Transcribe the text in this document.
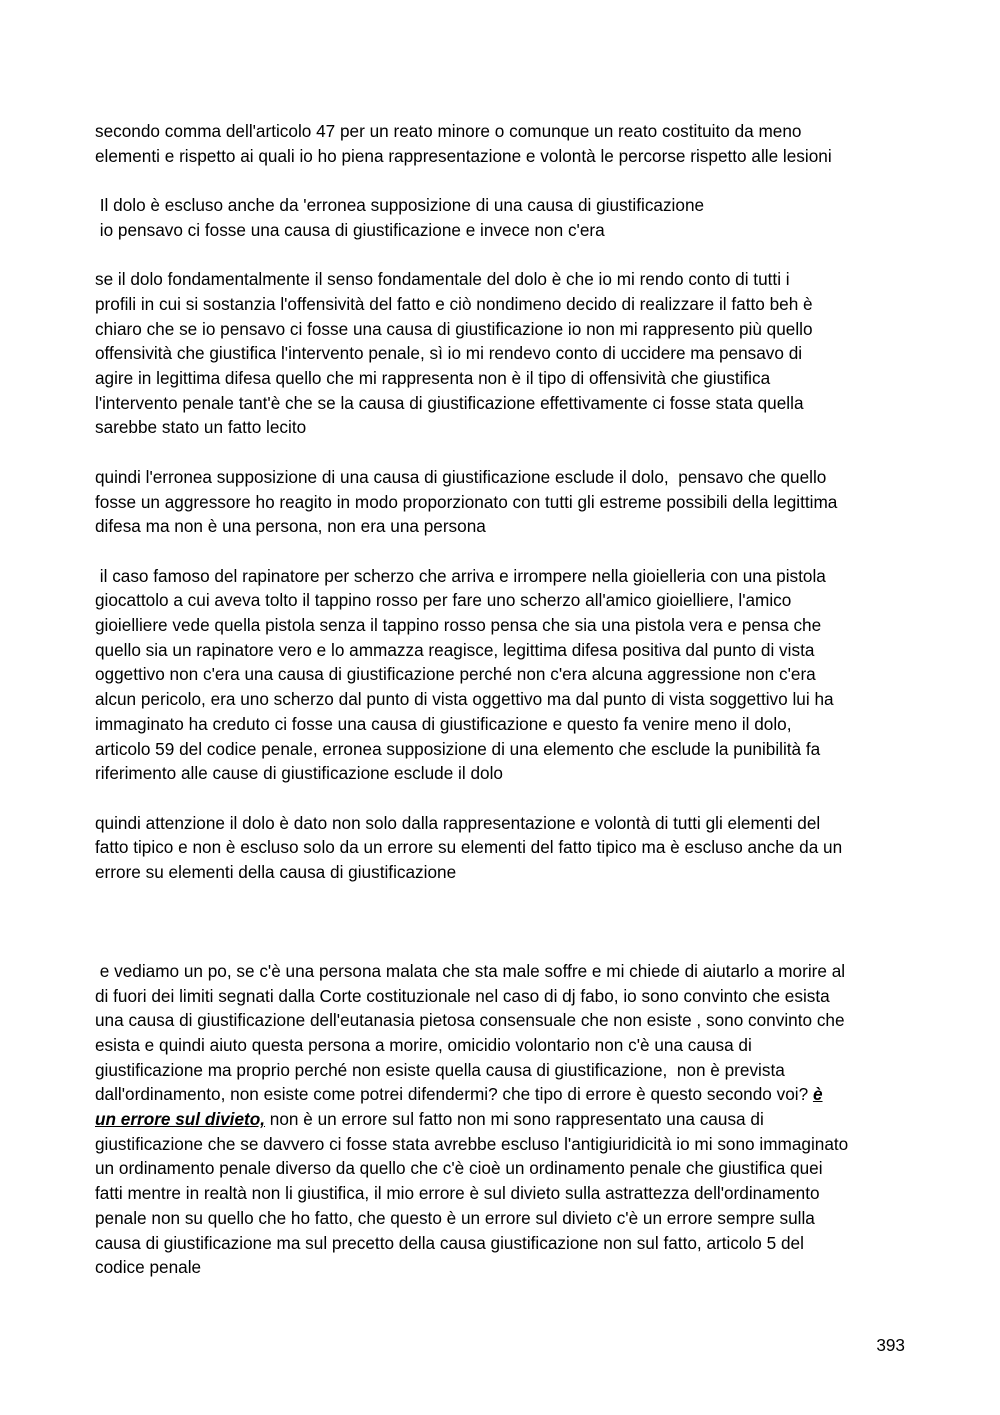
secondo comma dell'articolo 47 per un reato minore o comunque un reato costituito da meno
elementi e rispetto ai quali io ho piena rappresentazione e volontà le percorse rispetto alle lesioni

Il dolo è escluso anche da 'erronea supposizione di una causa di giustificazione
io pensavo ci fosse una causa di giustificazione e invece non c'era

se il dolo fondamentalmente il senso fondamentale del dolo è che io mi rendo conto di tutti i
profili in cui si sostanzia l'offensività del fatto e ciò nondimeno decido di realizzare il fatto beh è
chiaro che se io pensavo ci fosse una causa di giustificazione io non mi rappresento più quello
offensività che giustifica l'intervento penale, sì io mi rendevo conto di uccidere ma pensavo di
agire in legittima difesa quello che mi rappresenta non è il tipo di offensività che giustifica
l'intervento penale tant'è che se la causa di giustificazione effettivamente ci fosse stata quella
sarebbe stato un fatto lecito

quindi l'erronea supposizione di una causa di giustificazione esclude il dolo,  pensavo che quello
fosse un aggressore ho reagito in modo proporzionato con tutti gli estreme possibili della legittima
difesa ma non è una persona, non era una persona

il caso famoso del rapinatore per scherzo che arriva e irrompere nella gioielleria con una pistola
giocattolo a cui aveva tolto il tappino rosso per fare uno scherzo all'amico gioielliere, l'amico
gioielliere vede quella pistola senza il tappino rosso pensa che sia una pistola vera e pensa che
quello sia un rapinatore vero e lo ammazza reagisce, legittima difesa positiva dal punto di vista
oggettivo non c'era una causa di giustificazione perché non c'era alcuna aggressione non c'era
alcun pericolo, era uno scherzo dal punto di vista oggettivo ma dal punto di vista soggettivo lui ha
immaginato ha creduto ci fosse una causa di giustificazione e questo fa venire meno il dolo,
articolo 59 del codice penale, erronea supposizione di una elemento che esclude la punibilità fa
riferimento alle cause di giustificazione esclude il dolo

quindi attenzione il dolo è dato non solo dalla rappresentazione e volontà di tutti gli elementi del
fatto tipico e non è escluso solo da un errore su elementi del fatto tipico ma è escluso anche da un
errore su elementi della causa di giustificazione

e vediamo un po, se c'è una persona malata che sta male soffre e mi chiede di aiutarlo a morire al
di fuori dei limiti segnati dalla Corte costituzionale nel caso di dj fabo, io sono convinto che esista
una causa di giustificazione dell'eutanasia pietosa consensuale che non esiste , sono convinto che
esista e quindi aiuto questa persona a morire, omicidio volontario non c'è una causa di
giustificazione ma proprio perché non esiste quella causa di giustificazione,  non è prevista
dall'ordinamento, non esiste come potrei difendermi? che tipo di errore è questo secondo voi? è
un errore sul divieto, non è un errore sul fatto non mi sono rappresentato una causa di
giustificazione che se davvero ci fosse stata avrebbe escluso l'antigiuridicità io mi sono immaginato
un ordinamento penale diverso da quello che c'è cioè un ordinamento penale che giustifica quei
fatti mentre in realtà non li giustifica, il mio errore è sul divieto sulla astrattezza dell'ordinamento
penale non su quello che ho fatto, che questo è un errore sul divieto c'è un errore sempre sulla
causa di giustificazione ma sul precetto della causa giustificazione non sul fatto, articolo 5 del
codice penale

393
